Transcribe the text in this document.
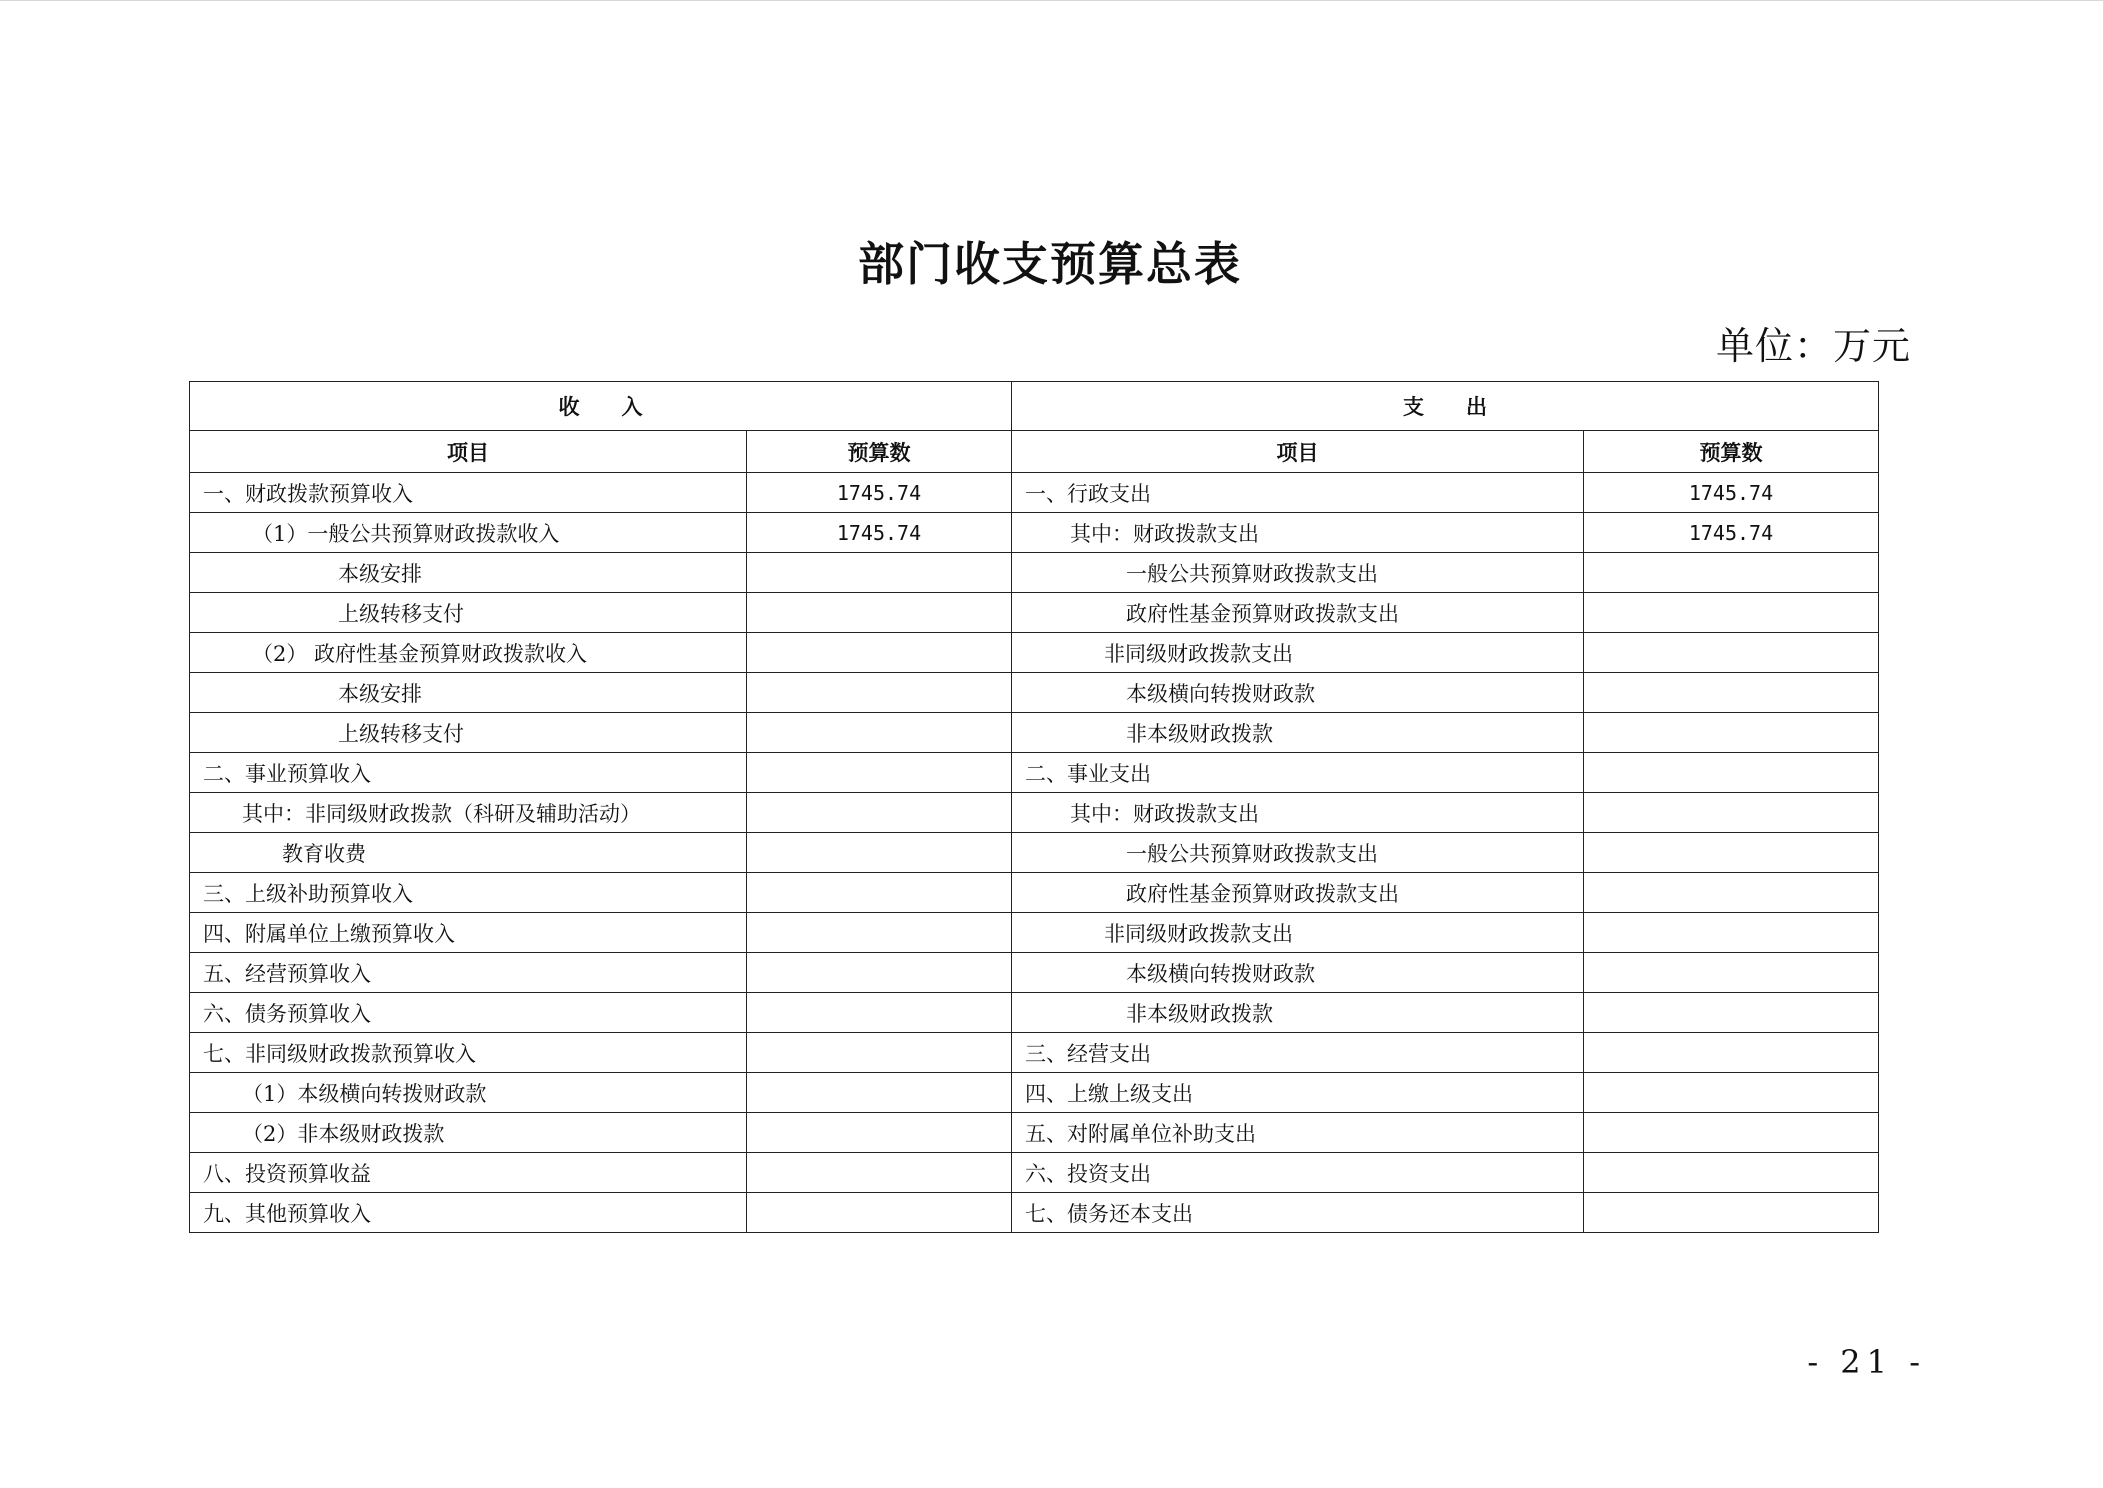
部门收支预算总表
单位：万元
收　　入		支　　出	
项目	预算数	项目	预算数
一、财政拨款预算收入	1745.74	一、行政支出	1745.74
（1）一般公共预算财政拨款收入	1745.74	其中：财政拨款支出	1745.74
本级安排		一般公共预算财政拨款支出	
上级转移支付		政府性基金预算财政拨款支出	
（2） 政府性基金预算财政拨款收入		非同级财政拨款支出	
本级安排		本级横向转拨财政款	
上级转移支付		非本级财政拨款	
二、事业预算收入		二、事业支出	
其中：非同级财政拨款（科研及辅助活动）		其中：财政拨款支出	
教育收费		一般公共预算财政拨款支出	
三、上级补助预算收入		政府性基金预算财政拨款支出	
四、附属单位上缴预算收入		非同级财政拨款支出	
五、经营预算收入		本级横向转拨财政款	
六、债务预算收入		非本级财政拨款	
七、非同级财政拨款预算收入		三、经营支出	
（1）本级横向转拨财政款		四、上缴上级支出	
（2）非本级财政拨款		五、对附属单位补助支出	
八、投资预算收益		六、投资支出	
九、其他预算收入		七、债务还本支出	
- 21 -
